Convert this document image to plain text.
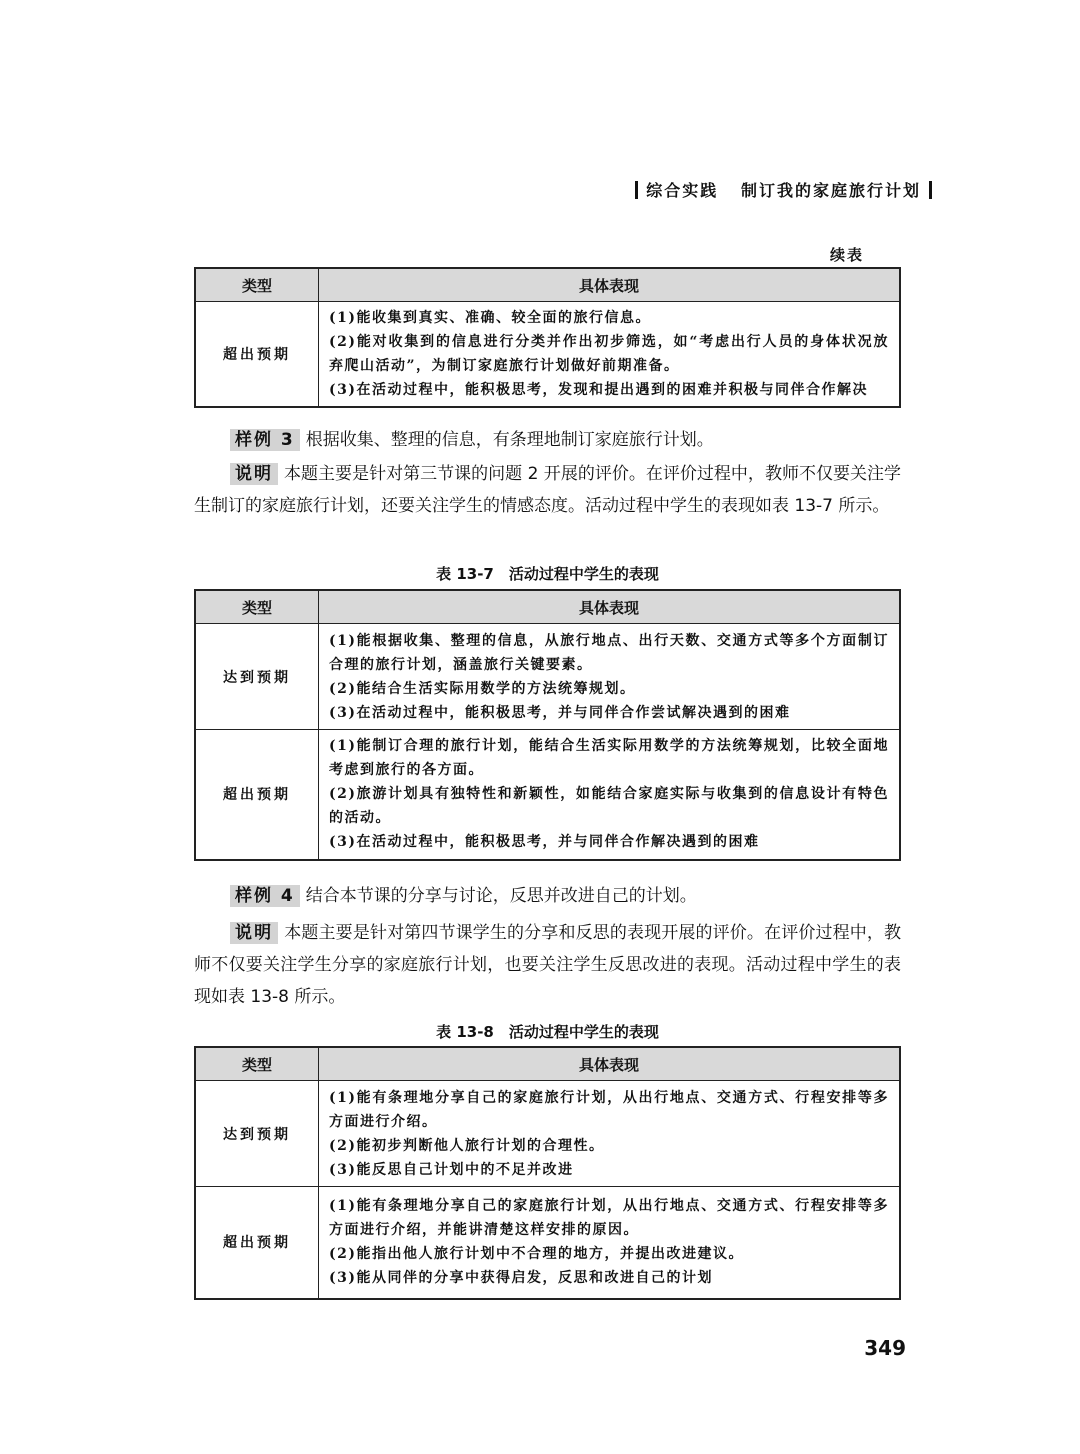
综合实践 制订我的家庭旅行计划
续表
类型	具体表现
超出预期	(1)能收集到真实、准确、较全面的旅行信息。
(2)能对收集到的信息进行分类并作出初步筛选，如“考虑出行人员的身体状况放弃爬山活动”，为制订家庭旅行计划做好前期准备。
(3)在活动过程中，能积极思考，发现和提出遇到的困难并积极与同伴合作解决
样例 3 根据收集、整理的信息，有条理地制订家庭旅行计划。
说明 本题主要是针对第三节课的问题 2 开展的评价。在评价过程中，教师不仅要关注学生制订的家庭旅行计划，还要关注学生的情感态度。活动过程中学生的表现如表 13-7 所示。
表 13-7　活动过程中学生的表现
类型	具体表现
达到预期	(1)能根据收集、整理的信息，从旅行地点、出行天数、交通方式等多个方面制订合理的旅行计划，涵盖旅行关键要素。
(2)能结合生活实际用数学的方法统筹规划。
(3)在活动过程中，能积极思考，并与同伴合作尝试解决遇到的困难

超出预期	(1)能制订合理的旅行计划，能结合生活实际用数学的方法统筹规划，比较全面地考虑到旅行的各方面。
(2)旅游计划具有独特性和新颖性，如能结合家庭实际与收集到的信息设计有特色的活动。
(3)在活动过程中，能积极思考，并与同伴合作解决遇到的困难
样例 4 结合本节课的分享与讨论，反思并改进自己的计划。
说明 本题主要是针对第四节课学生的分享和反思的表现开展的评价。在评价过程中，教师不仅要关注学生分享的家庭旅行计划，也要关注学生反思改进的表现。活动过程中学生的表现如表 13-8 所示。
表 13-8　活动过程中学生的表现
类型	具体表现
达到预期	(1)能有条理地分享自己的家庭旅行计划，从出行地点、交通方式、行程安排等多方面进行介绍。
(2)能初步判断他人旅行计划的合理性。
(3)能反思自己计划中的不足并改进

超出预期	(1)能有条理地分享自己的家庭旅行计划，从出行地点、交通方式、行程安排等多方面进行介绍，并能讲清楚这样安排的原因。
(2)能指出他人旅行计划中不合理的地方，并提出改进建议。
(3)能从同伴的分享中获得启发，反思和改进自己的计划
349
